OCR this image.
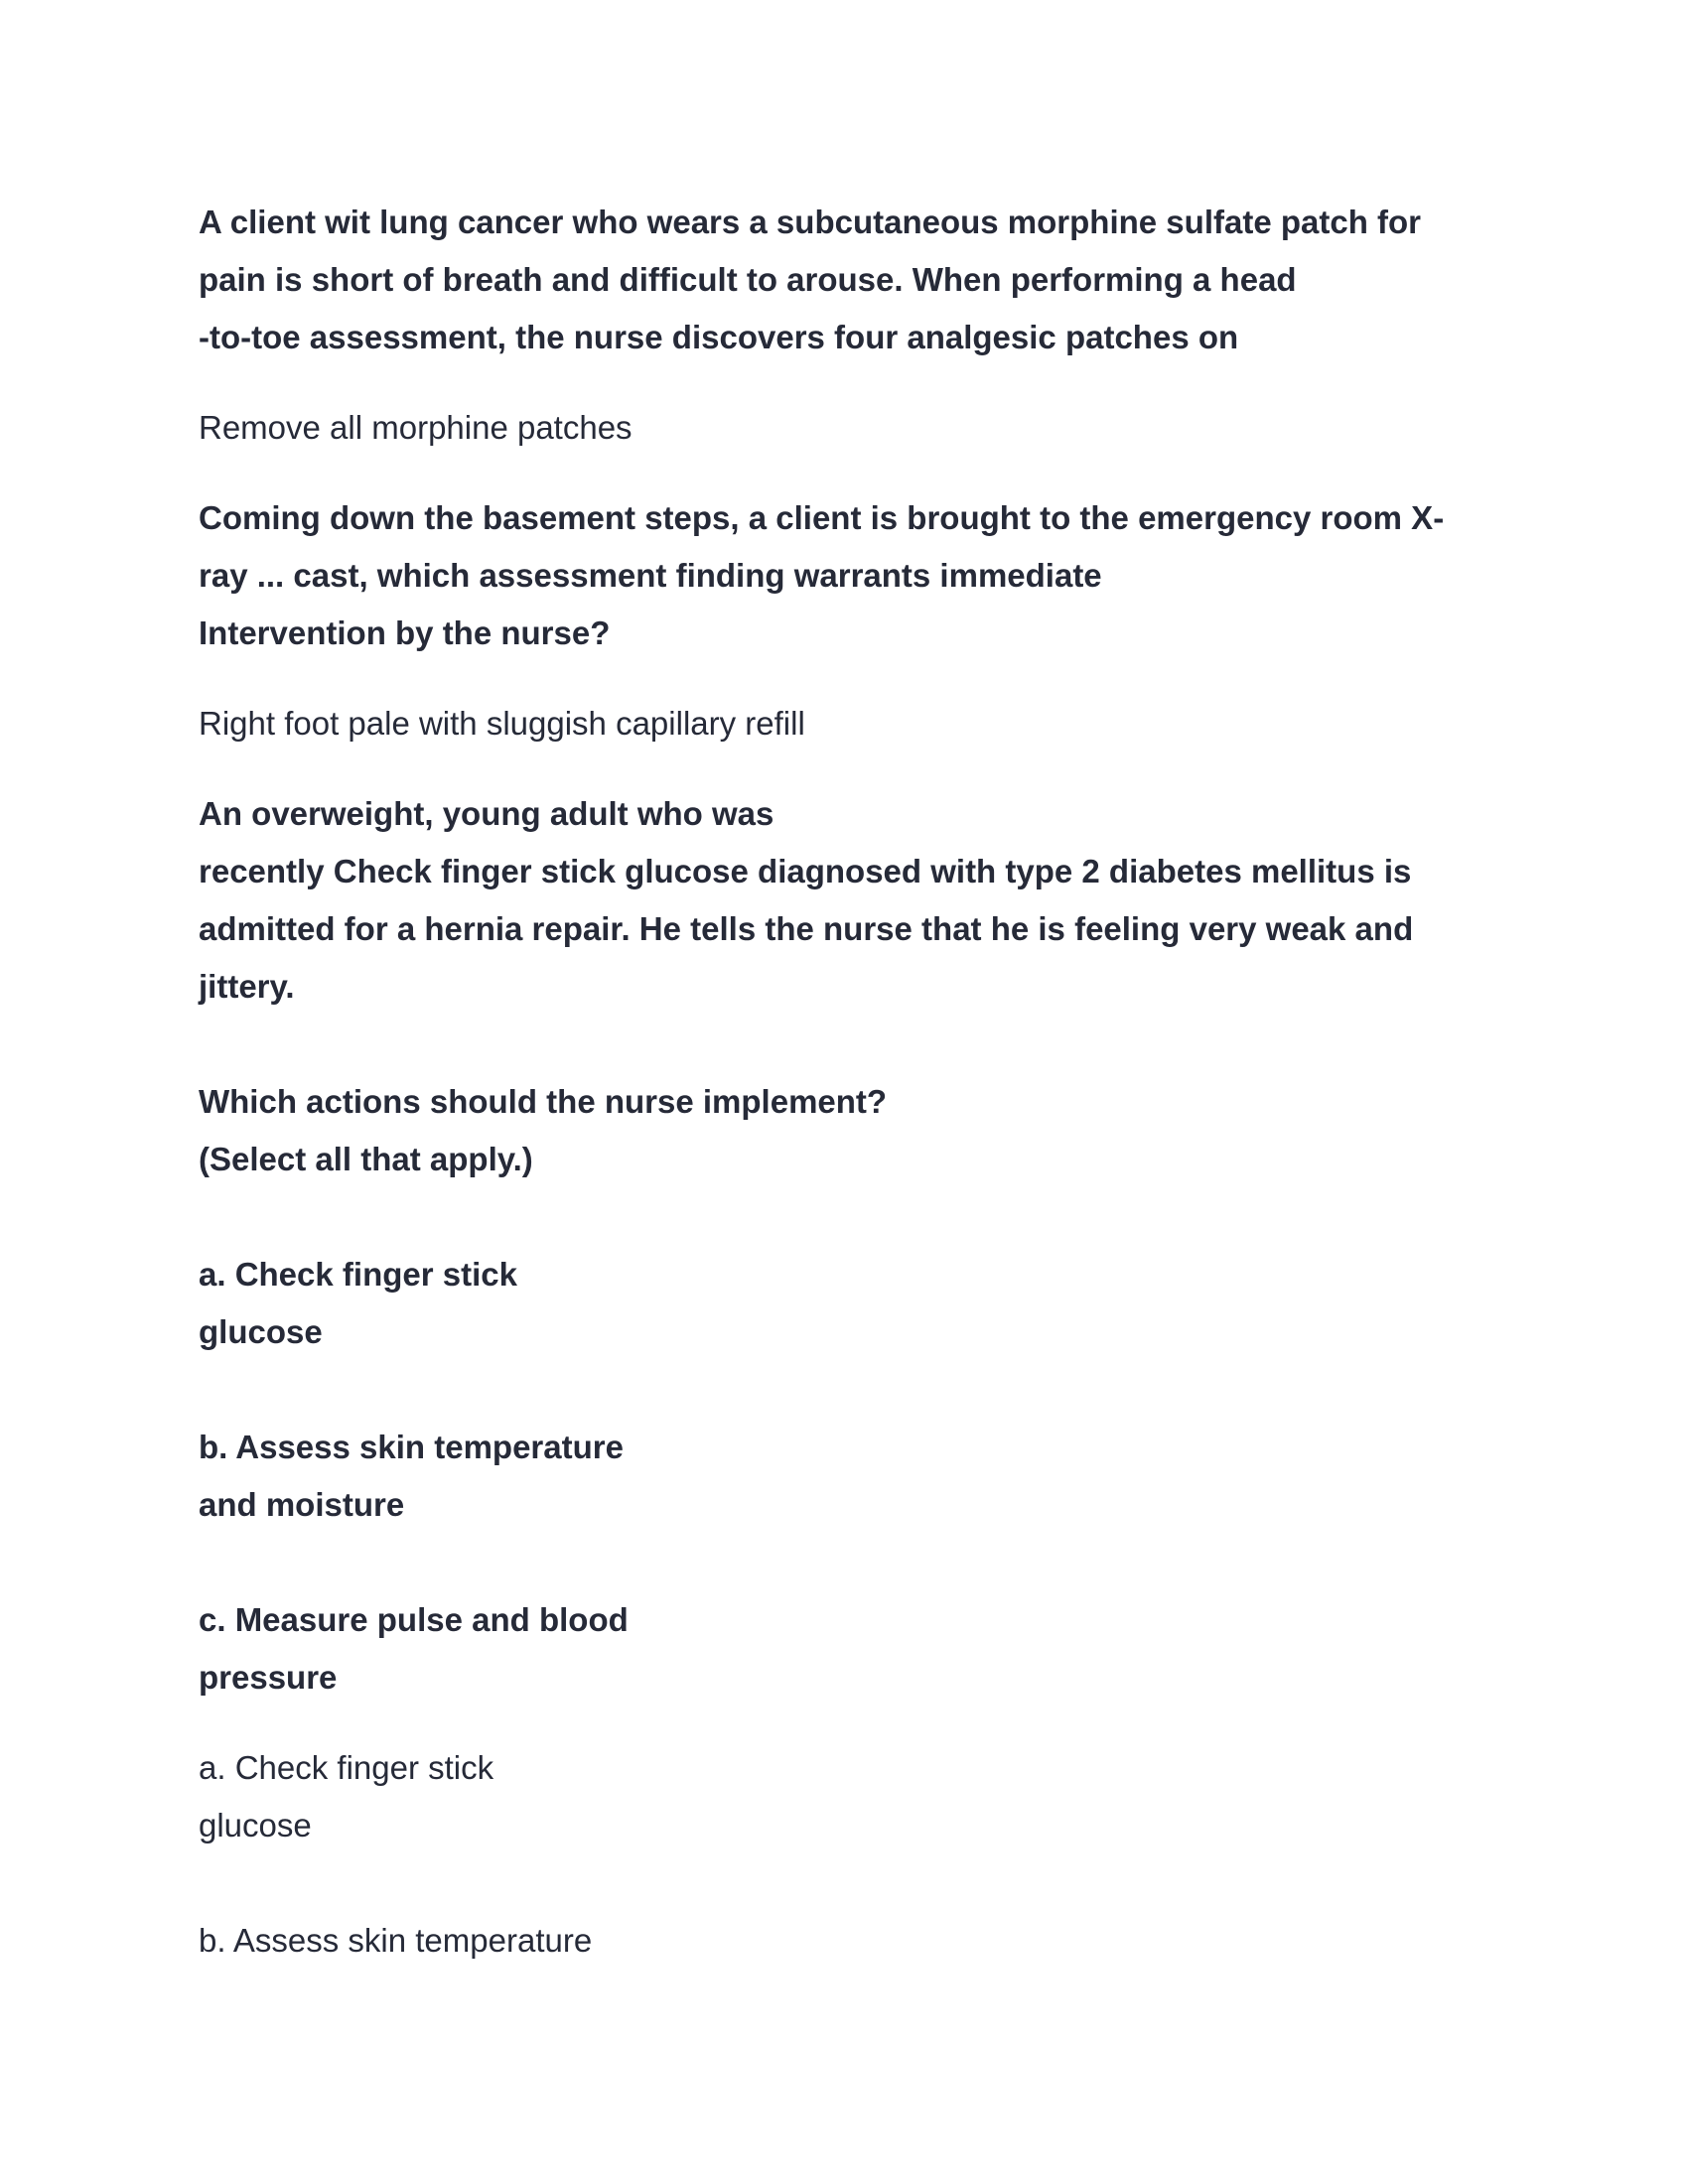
A client wit lung cancer who wears a subcutaneous morphine sulfate patch for
pain is short of breath and difficult to arouse. When performing a head
-to-toe assessment, the nurse discovers four analgesic patches on
Remove all morphine patches
Coming down the basement steps, a client is brought to the emergency room X-
ray ... cast, which assessment finding warrants immediate
Intervention by the nurse?
Right foot pale with sluggish capillary refill
An overweight, young adult who was
recently Check finger stick glucose diagnosed with type 2 diabetes mellitus is
admitted for a hernia repair. He tells the nurse that he is feeling very weak and
jittery.
Which actions should the nurse implement?
(Select all that apply.)
a. Check finger stick
glucose
b. Assess skin temperature
and moisture
c. Measure pulse and blood
pressure
a. Check finger stick
glucose
b. Assess skin temperature
